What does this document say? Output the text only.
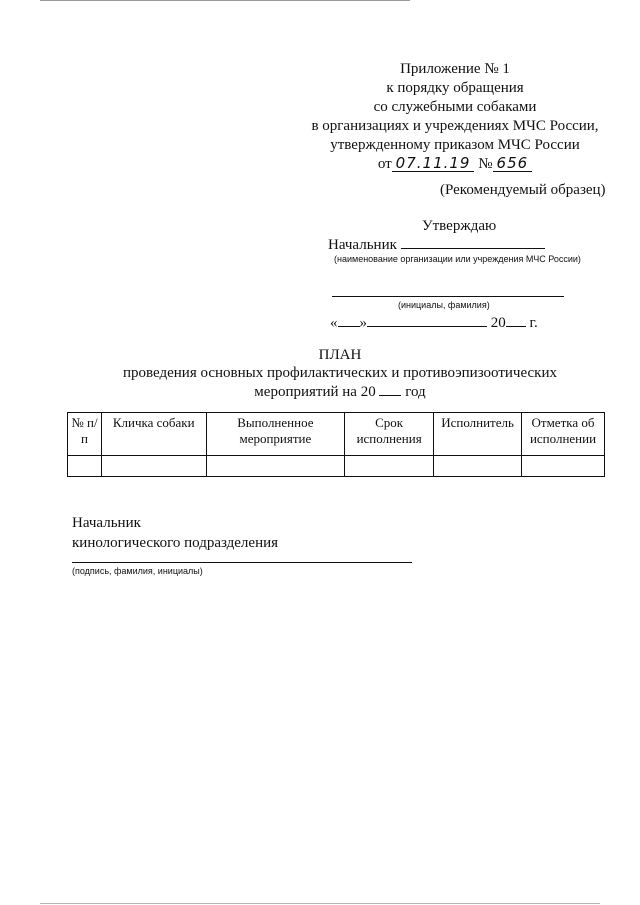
Приложение № 1
к порядку обращения
со служебными собаками
в организациях и учреждениях МЧС России,
утвержденному приказом МЧС России
от 07.11.19 № 656
(Рекомендуемый образец)
Утверждаю
Начальник
(наименование организации или учреждения МЧС России)
(инициалы, фамилия)
« »	20 г.
ПЛАН
проведения основных профилактических и противоэпизоотических
мероприятий на 20 год
№ п/п	Кличка собаки	Выполненное мероприятие	Срок исполнения	Исполнитель	Отметка об исполнении

Начальник
кинологического подразделения
(подпись, фамилия, инициалы)
